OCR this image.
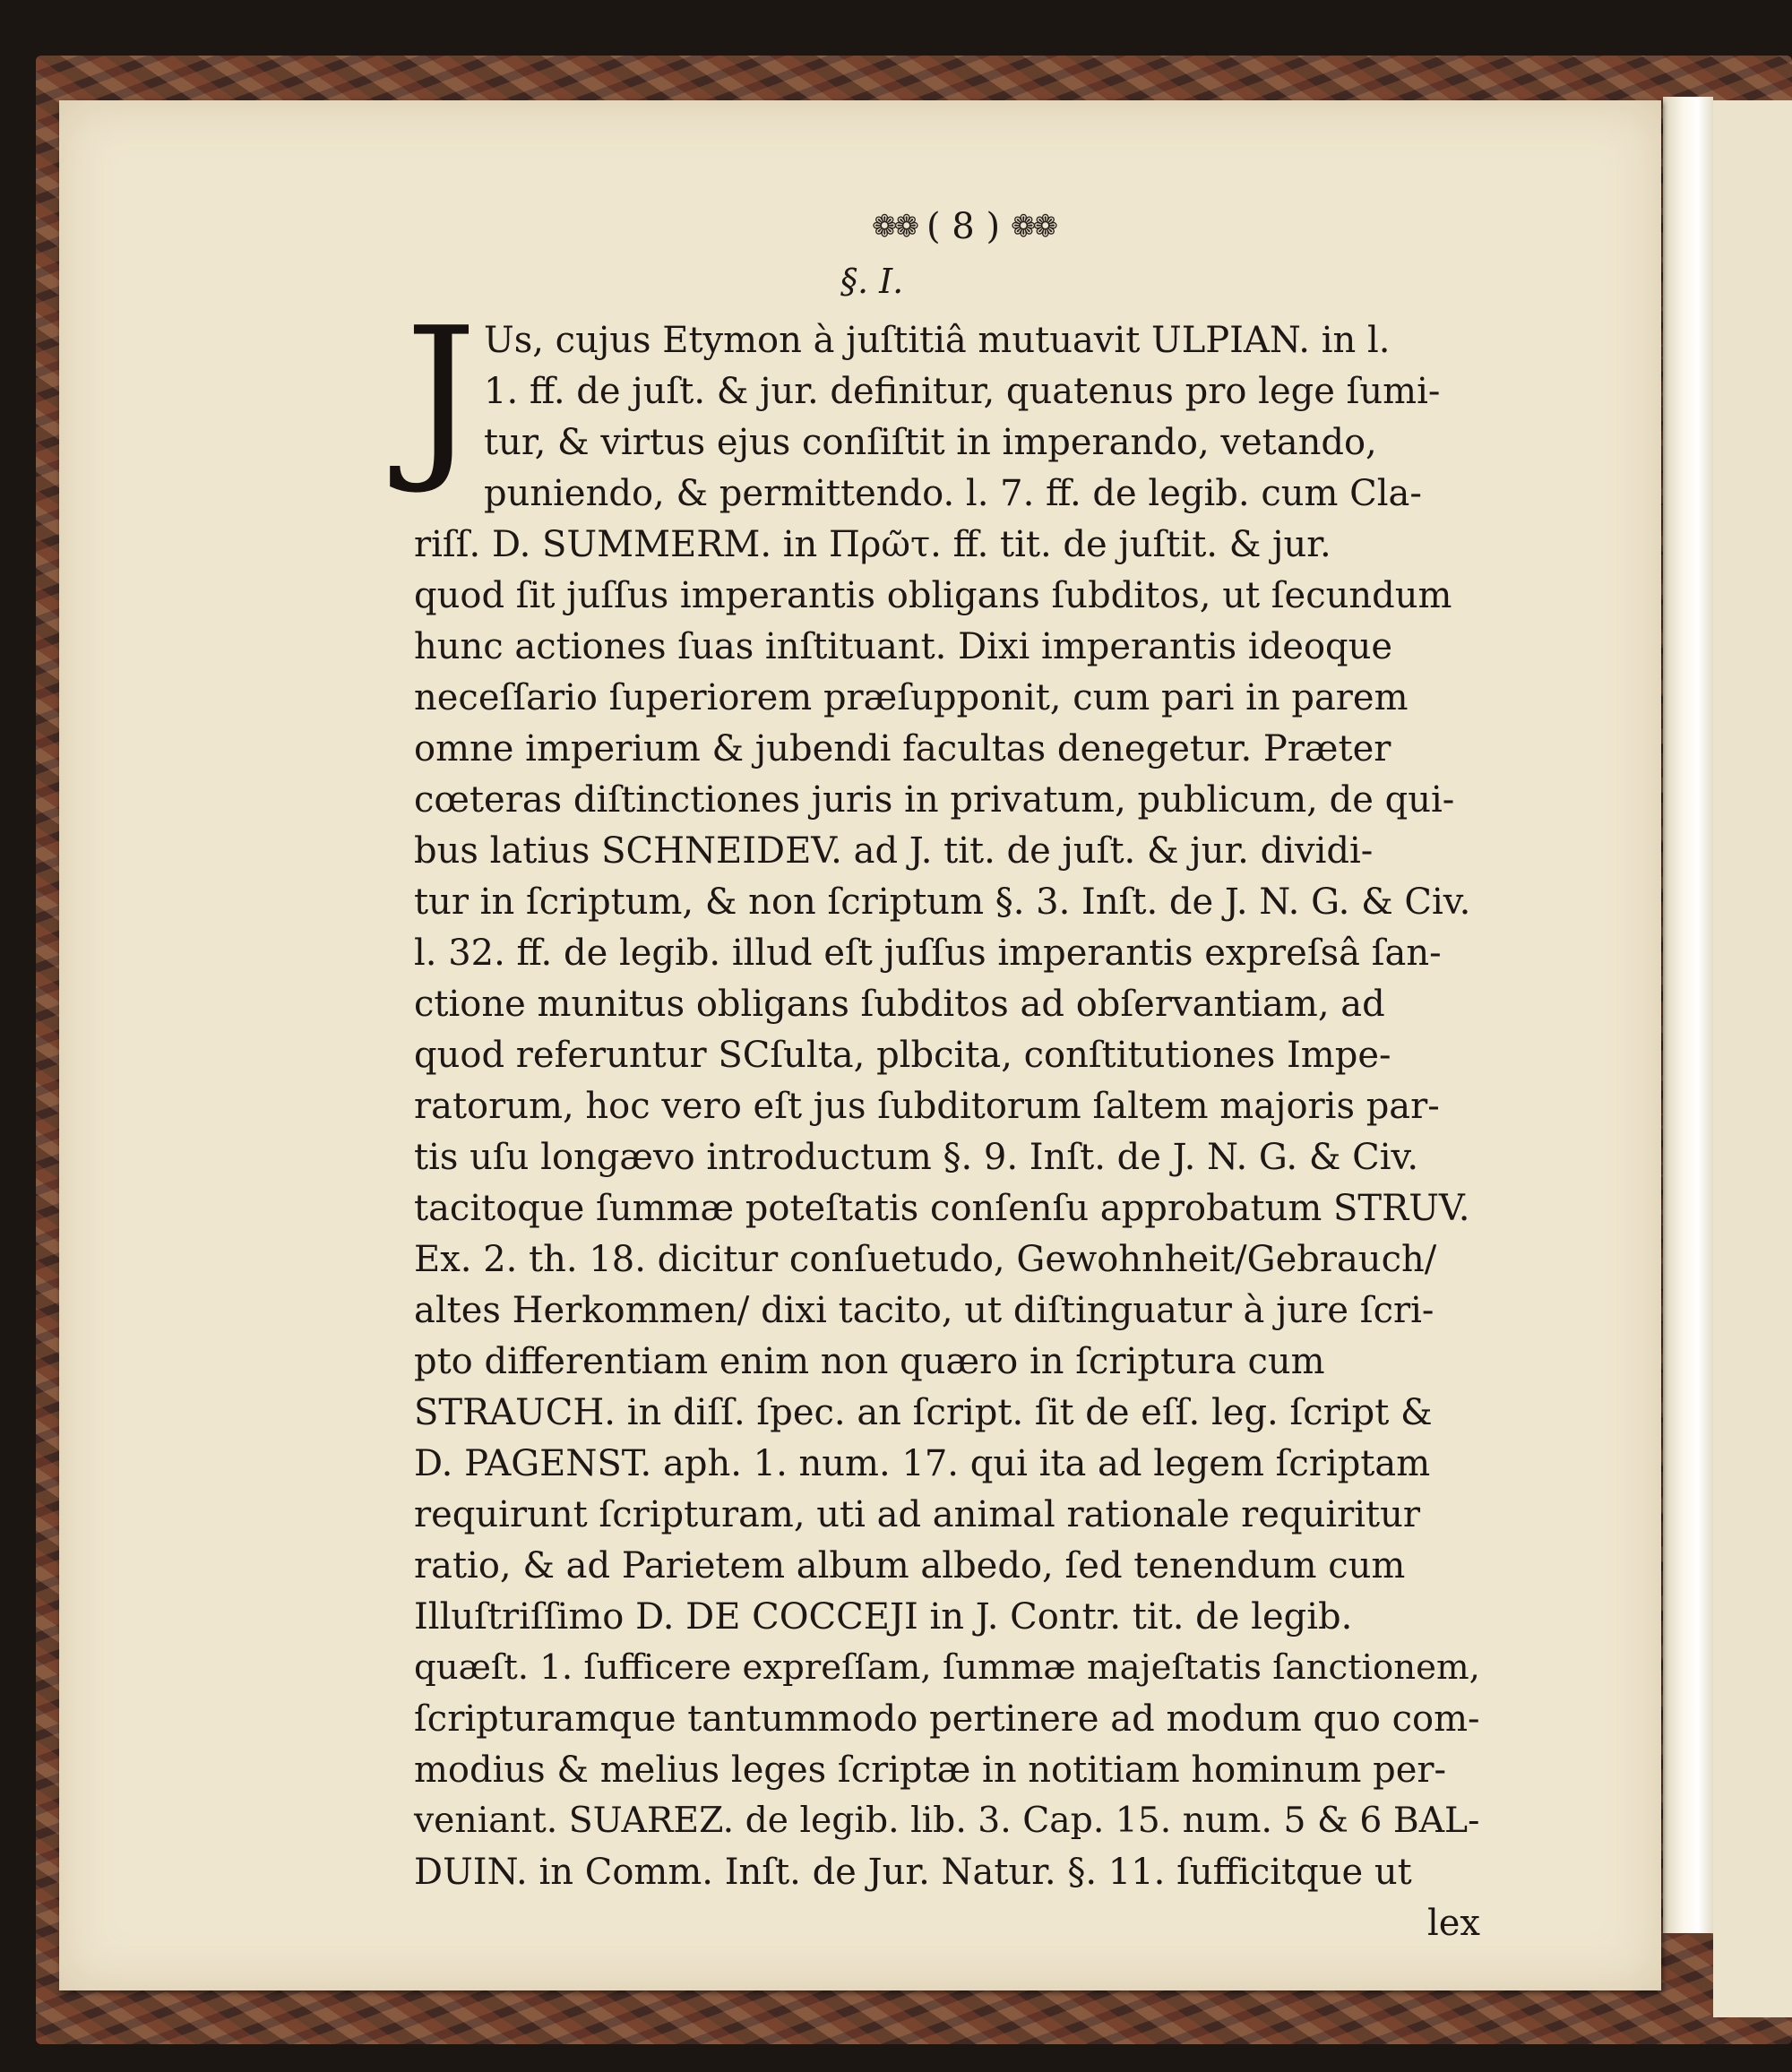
❁❁ ( 8 ) ❁❁
§. I.
J Us, cujus Etymon à juſtitiâ mutuavit ULPIAN. in l.
1. ff. de juſt. & jur. definitur, quatenus pro lege ſumi-
tur, & virtus ejus conſiſtit in imperando, vetando,
puniendo, & permittendo. l. 7. ff. de legib. cum Cla-
riſſ. D. SUMMERM. in Πρῶτ. ff. tit. de juſtit. & jur.
quod ſit juſſus imperantis obligans ſubditos, ut ſecundum
hunc actiones ſuas inſtituant. Dixi imperantis ideoque
neceſſario ſuperiorem præſupponit, cum pari in parem
omne imperium & jubendi facultas denegetur. Præter
cœteras diſtinctiones juris in privatum, publicum, de qui-
bus latius SCHNEIDEV. ad J. tit. de juſt. & jur. dividi-
tur in ſcriptum, & non ſcriptum §. 3. Inſt. de J. N. G. & Civ.
l. 32. ff. de legib. illud eſt juſſus imperantis expreſsâ ſan-
ctione munitus obligans ſubditos ad obſervantiam, ad
quod referuntur SCſulta, plbcita, conſtitutiones Impe-
ratorum, hoc vero eſt jus ſubditorum ſaltem majoris par-
tis uſu longævo introductum §. 9. Inſt. de J. N. G. & Civ.
tacitoque ſummæ poteſtatis conſenſu approbatum STRUV.
Ex. 2. th. 18. dicitur conſuetudo, Gewohnheit/Gebrauch/
altes Herkommen/ dixi tacito, ut diſtinguatur à jure ſcri-
pto differentiam enim non quæro in ſcriptura cum
STRAUCH. in diſſ. ſpec. an ſcript. ſit de eſſ. leg. ſcript &
D. PAGENST. aph. 1. num. 17. qui ita ad legem ſcriptam
requirunt ſcripturam, uti ad animal rationale requiritur
ratio, & ad Parietem album albedo, ſed tenendum cum
Illuſtriſſimo D. DE COCCEJI in J. Contr. tit. de legib.
quæſt. 1. ſufficere expreſſam, ſummæ majeſtatis ſanctionem,
ſcripturamque tantummodo pertinere ad modum quo com-
modius & melius leges ſcriptæ in notitiam hominum per-
veniant. SUAREZ. de legib. lib. 3. Cap. 15. num. 5 & 6 BAL-
DUIN. in Comm. Inſt. de Jur. Natur. §. 11. ſufficitque ut
lex
